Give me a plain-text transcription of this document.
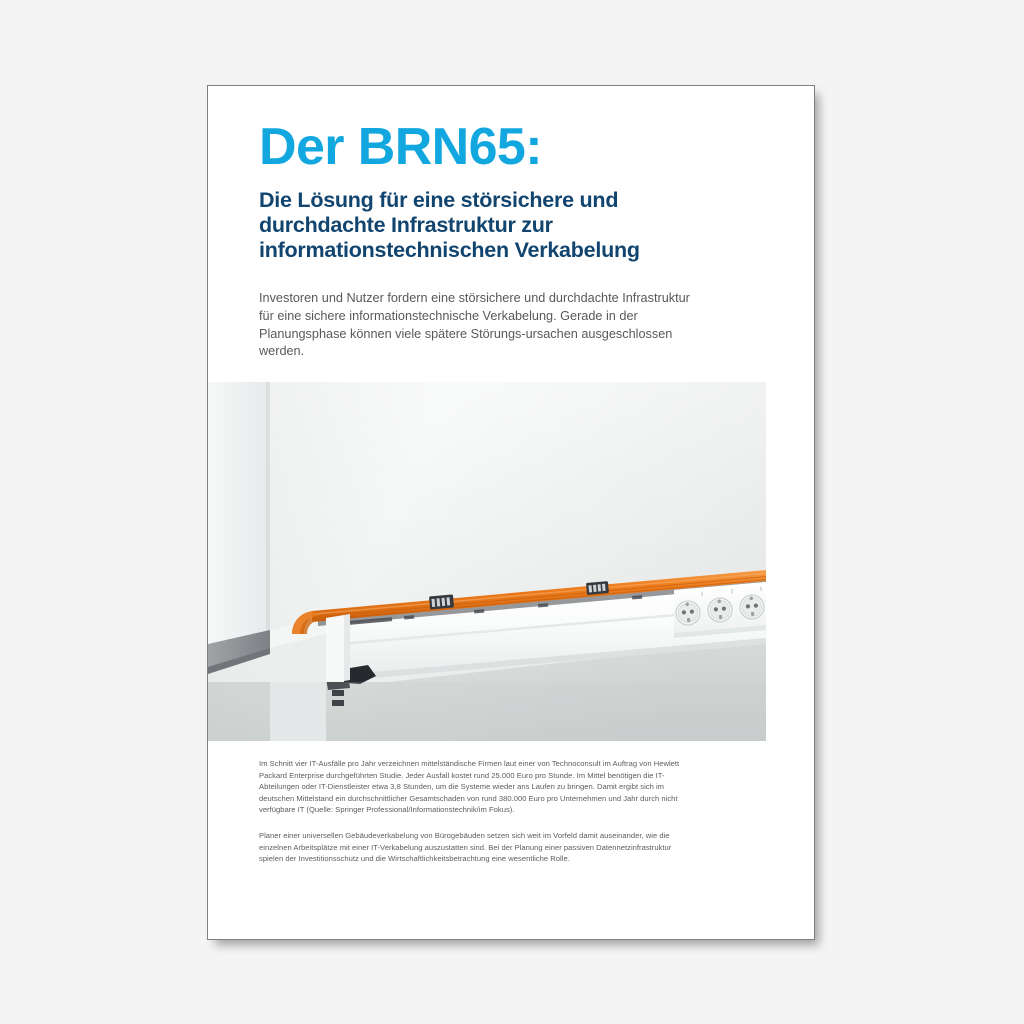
Der BRN65:
Die Lösung für eine störsichere und durchdachte Infrastruktur zur informationstechnischen Verkabelung

Investoren und Nutzer fordern eine störsichere und durchdachte Infrastruktur für eine sichere informationstechnische Verkabelung. Gerade in der Planungsphase können viele spätere Störungs-ursachen ausgeschlossen werden.

Im Schnitt vier IT-Ausfälle pro Jahr verzeichnen mittelständische Firmen laut einer von Technoconsult im Auftrag von Hewlett Packard Enterprise durchgeführten Studie. Jeder Ausfall kostet rund 25.000 Euro pro Stunde. Im Mittel benötigen die IT-Abteilungen oder IT-Dienstleister etwa 3,8 Stunden, um die Systeme wieder ans Laufen zu bringen. Damit ergibt sich im deutschen Mittelstand ein durchschnittlicher Gesamtschaden von rund 380.000 Euro pro Unternehmen und Jahr durch nicht verfügbare IT (Quelle: Springer Professional/Informationstechnik/im Fokus).

Planer einer universellen Gebäudeverkabelung von Bürogebäuden setzen sich weit im Vorfeld damit auseinander, wie die einzelnen Arbeitsplätze mit einer IT-Verkabelung auszustatten sind. Bei der Planung einer passiven Datennetzinfrastruktur spielen der Investitionsschutz und die Wirtschaftlichkeitsbetrachtung eine wesentliche Rolle.
